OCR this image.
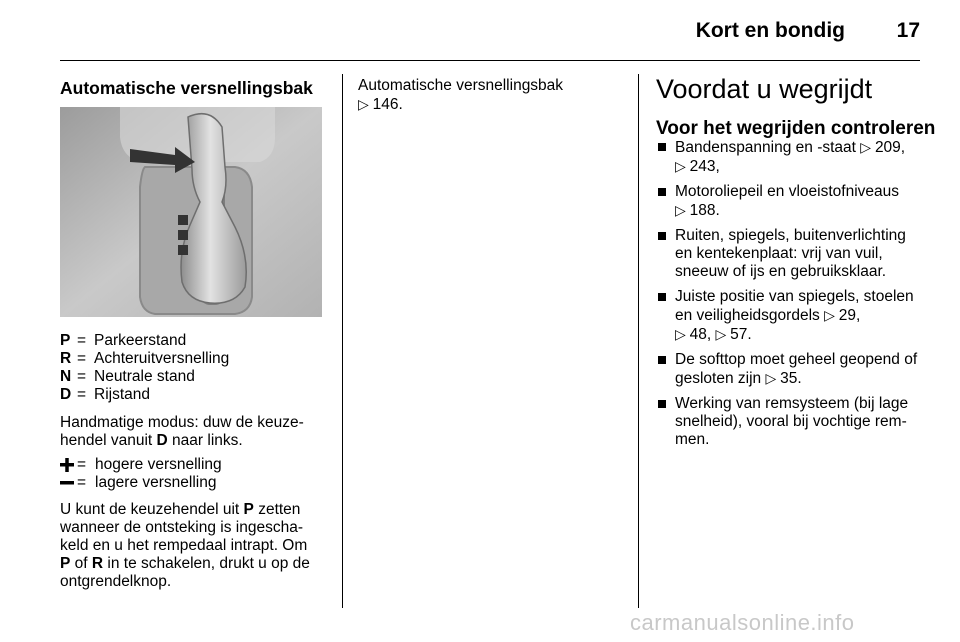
Kort en bondig	17
Automatische versnellingsbak
P = Parkeerstand
R = Achteruitversnelling
N = Neutrale stand
D = Rijstand
Handmatige modus: duw de keuze-
hendel vanuit D naar links.
= hogere versnelling
= lagere versnelling
U kunt de keuzehendel uit P zetten
wanneer de ontsteking is ingescha-
keld en u het rempedaal intrapt. Om
P of R in te schakelen, drukt u op de
ontgrendelknop.
Automatische versnellingsbak
▷ 146.
Voordat u wegrijdt
Voor het wegrijden controleren
Bandenspanning en -staat ▷ 209,
▷ 243,
Motoroliepeil en vloeistofniveaus
▷ 188.
Ruiten, spiegels, buitenverlichting
en kentekenplaat: vrij van vuil,
sneeuw of ijs en gebruiksklaar.
Juiste positie van spiegels, stoelen
en veiligheidsgordels ▷ 29,
▷ 48, ▷ 57.
De softtop moet geheel geopend of
gesloten zijn ▷ 35.
Werking van remsysteem (bij lage
snelheid), vooral bij vochtige rem-
men.
carmanualsonline.info
